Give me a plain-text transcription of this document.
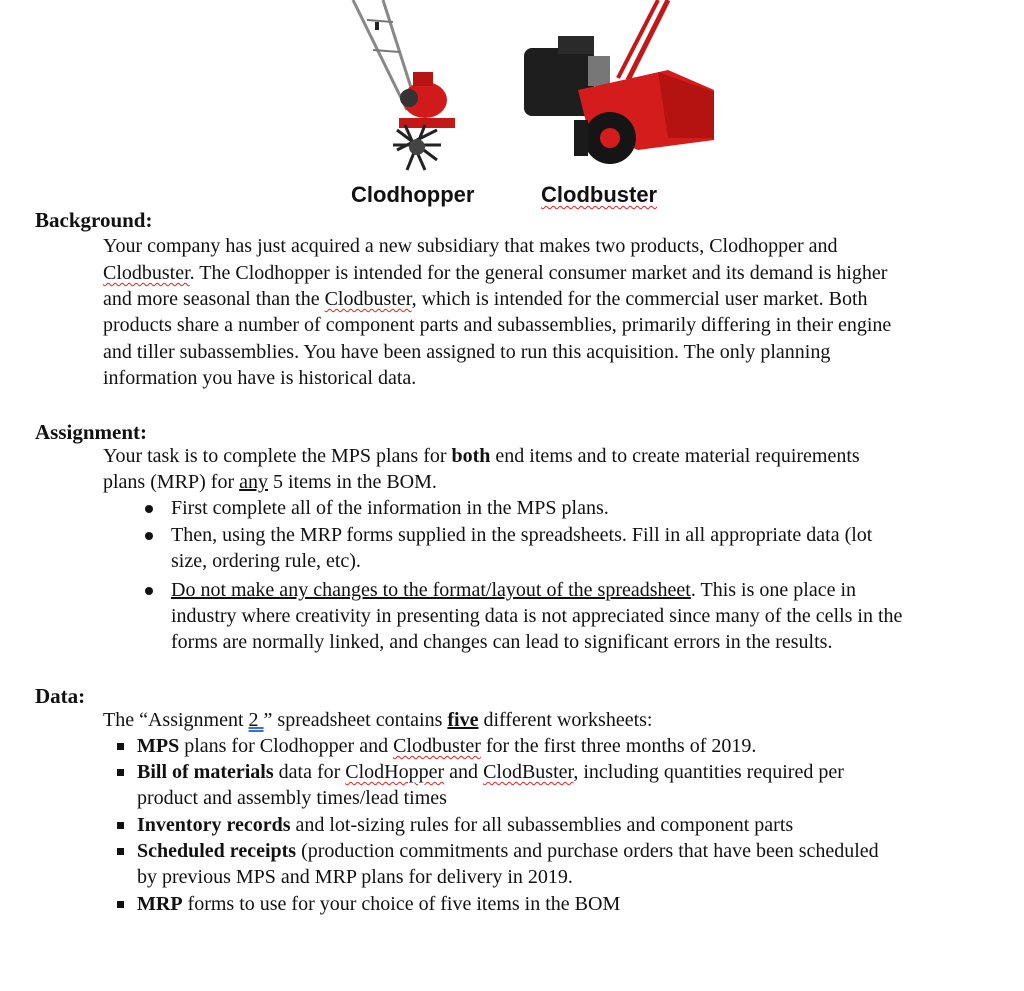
Clodhopper	Clodbuster
Background:
Your company has just acquired a new subsidiary that makes two products, Clodhopper and
Clodbuster. The Clodhopper is intended for the general consumer market and its demand is higher
and more seasonal than the Clodbuster, which is intended for the commercial user market. Both
products share a number of component parts and subassemblies, primarily differing in their engine
and tiller subassemblies. You have been assigned to run this acquisition. The only planning
information you have is historical data.
Assignment:
Your task is to complete the MPS plans for both end items and to create material requirements
plans (MRP) for any 5 items in the BOM.
First complete all of the information in the MPS plans.
Then, using the MRP forms supplied in the spreadsheets. Fill in all appropriate data (lot
size, ordering rule, etc).
Do not make any changes to the format/layout of the spreadsheet. This is one place in
industry where creativity in presenting data is not appreciated since many of the cells in the
forms are normally linked, and changes can lead to significant errors in the results.
Data:
The “Assignment 2 ” spreadsheet contains five different worksheets:
MPS plans for Clodhopper and Clodbuster for the first three months of 2019.
Bill of materials data for ClodHopper and ClodBuster, including quantities required per
product and assembly times/lead times
Inventory records and lot-sizing rules for all subassemblies and component parts
Scheduled receipts (production commitments and purchase orders that have been scheduled
by previous MPS and MRP plans for delivery in 2019.
MRP forms to use for your choice of five items in the BOM
